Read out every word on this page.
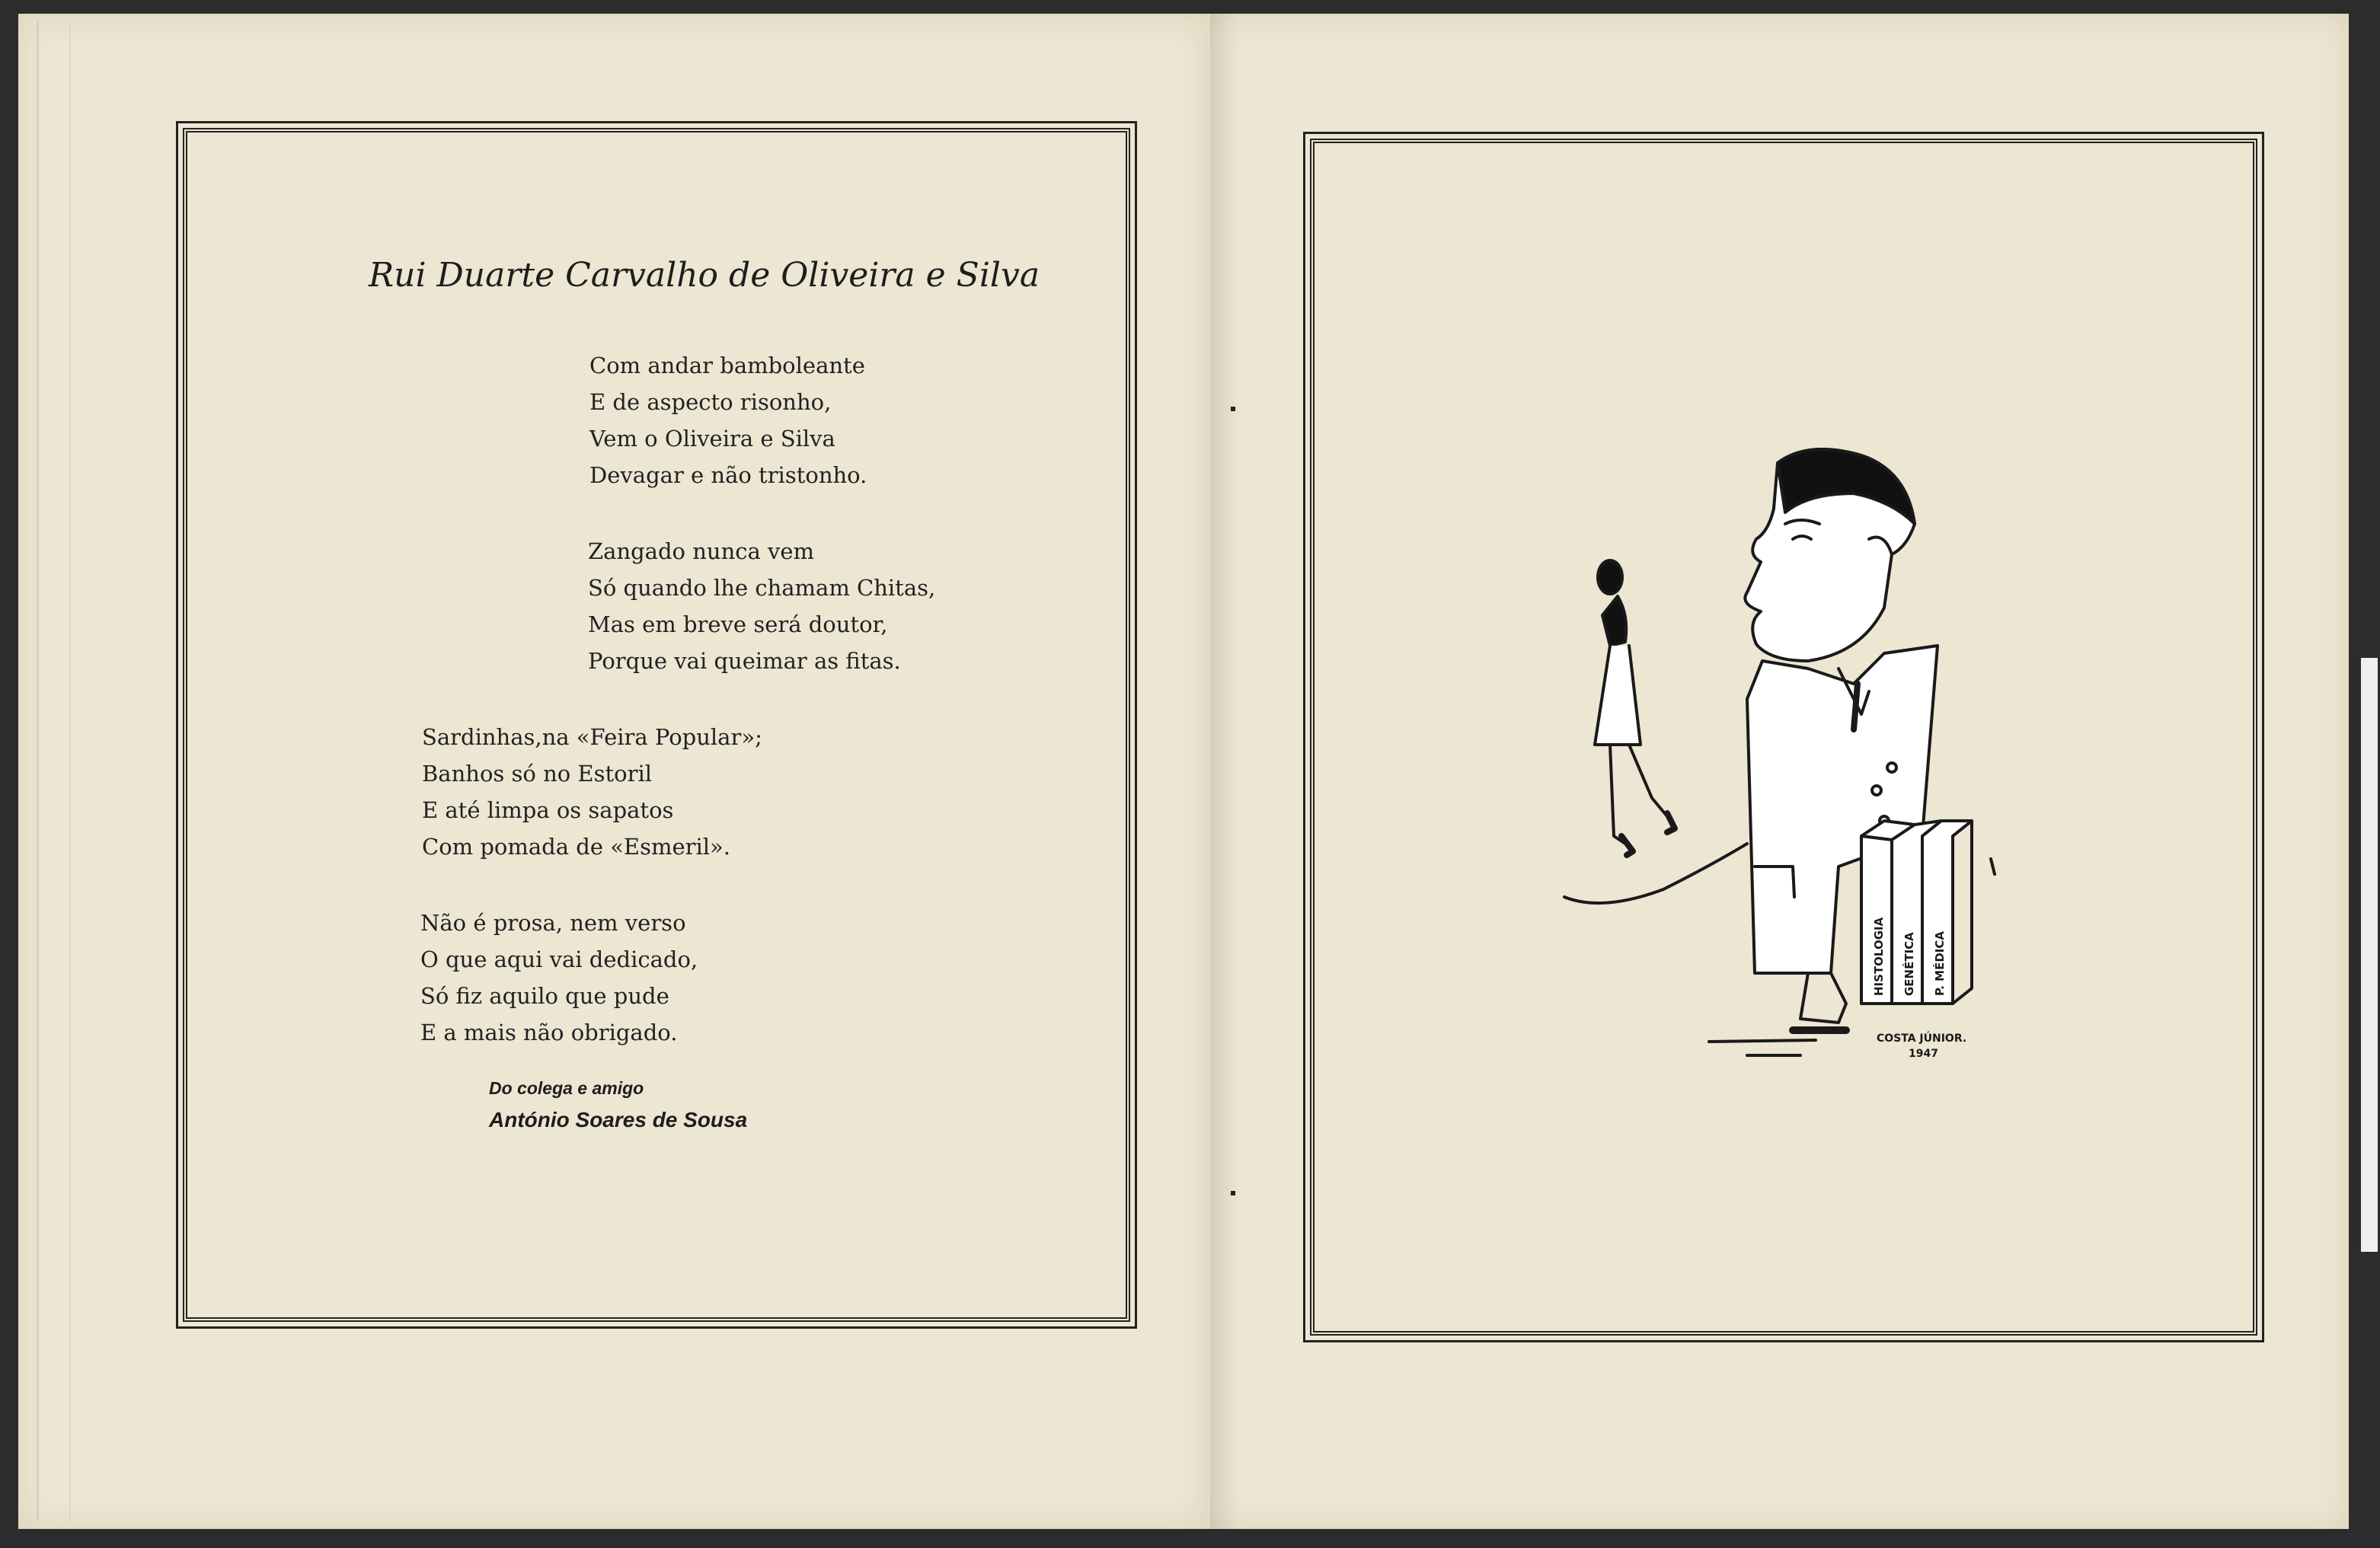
Rui Duarte Carvalho de Oliveira e Silva
Com andar bamboleante
E de aspecto risonho,
Vem o Oliveira e Silva
Devagar e não tristonho.
Zangado nunca vem
Só quando lhe chamam Chitas,
Mas em breve será doutor,
Porque vai queimar as fitas.
Sardinhas,na «Feira Popular»;
Banhos só no Estoril
E até limpa os sapatos
Com pomada de «Esmeril».
Não é prosa, nem verso
O que aqui vai dedicado,
Só fiz aquilo que pude
E a mais não obrigado.
Do colega e amigo
António Soares de Sousa
HISTOLOGIA GENÉTICA P. MÉDICA
COSTA JÚNIOR.
1947
